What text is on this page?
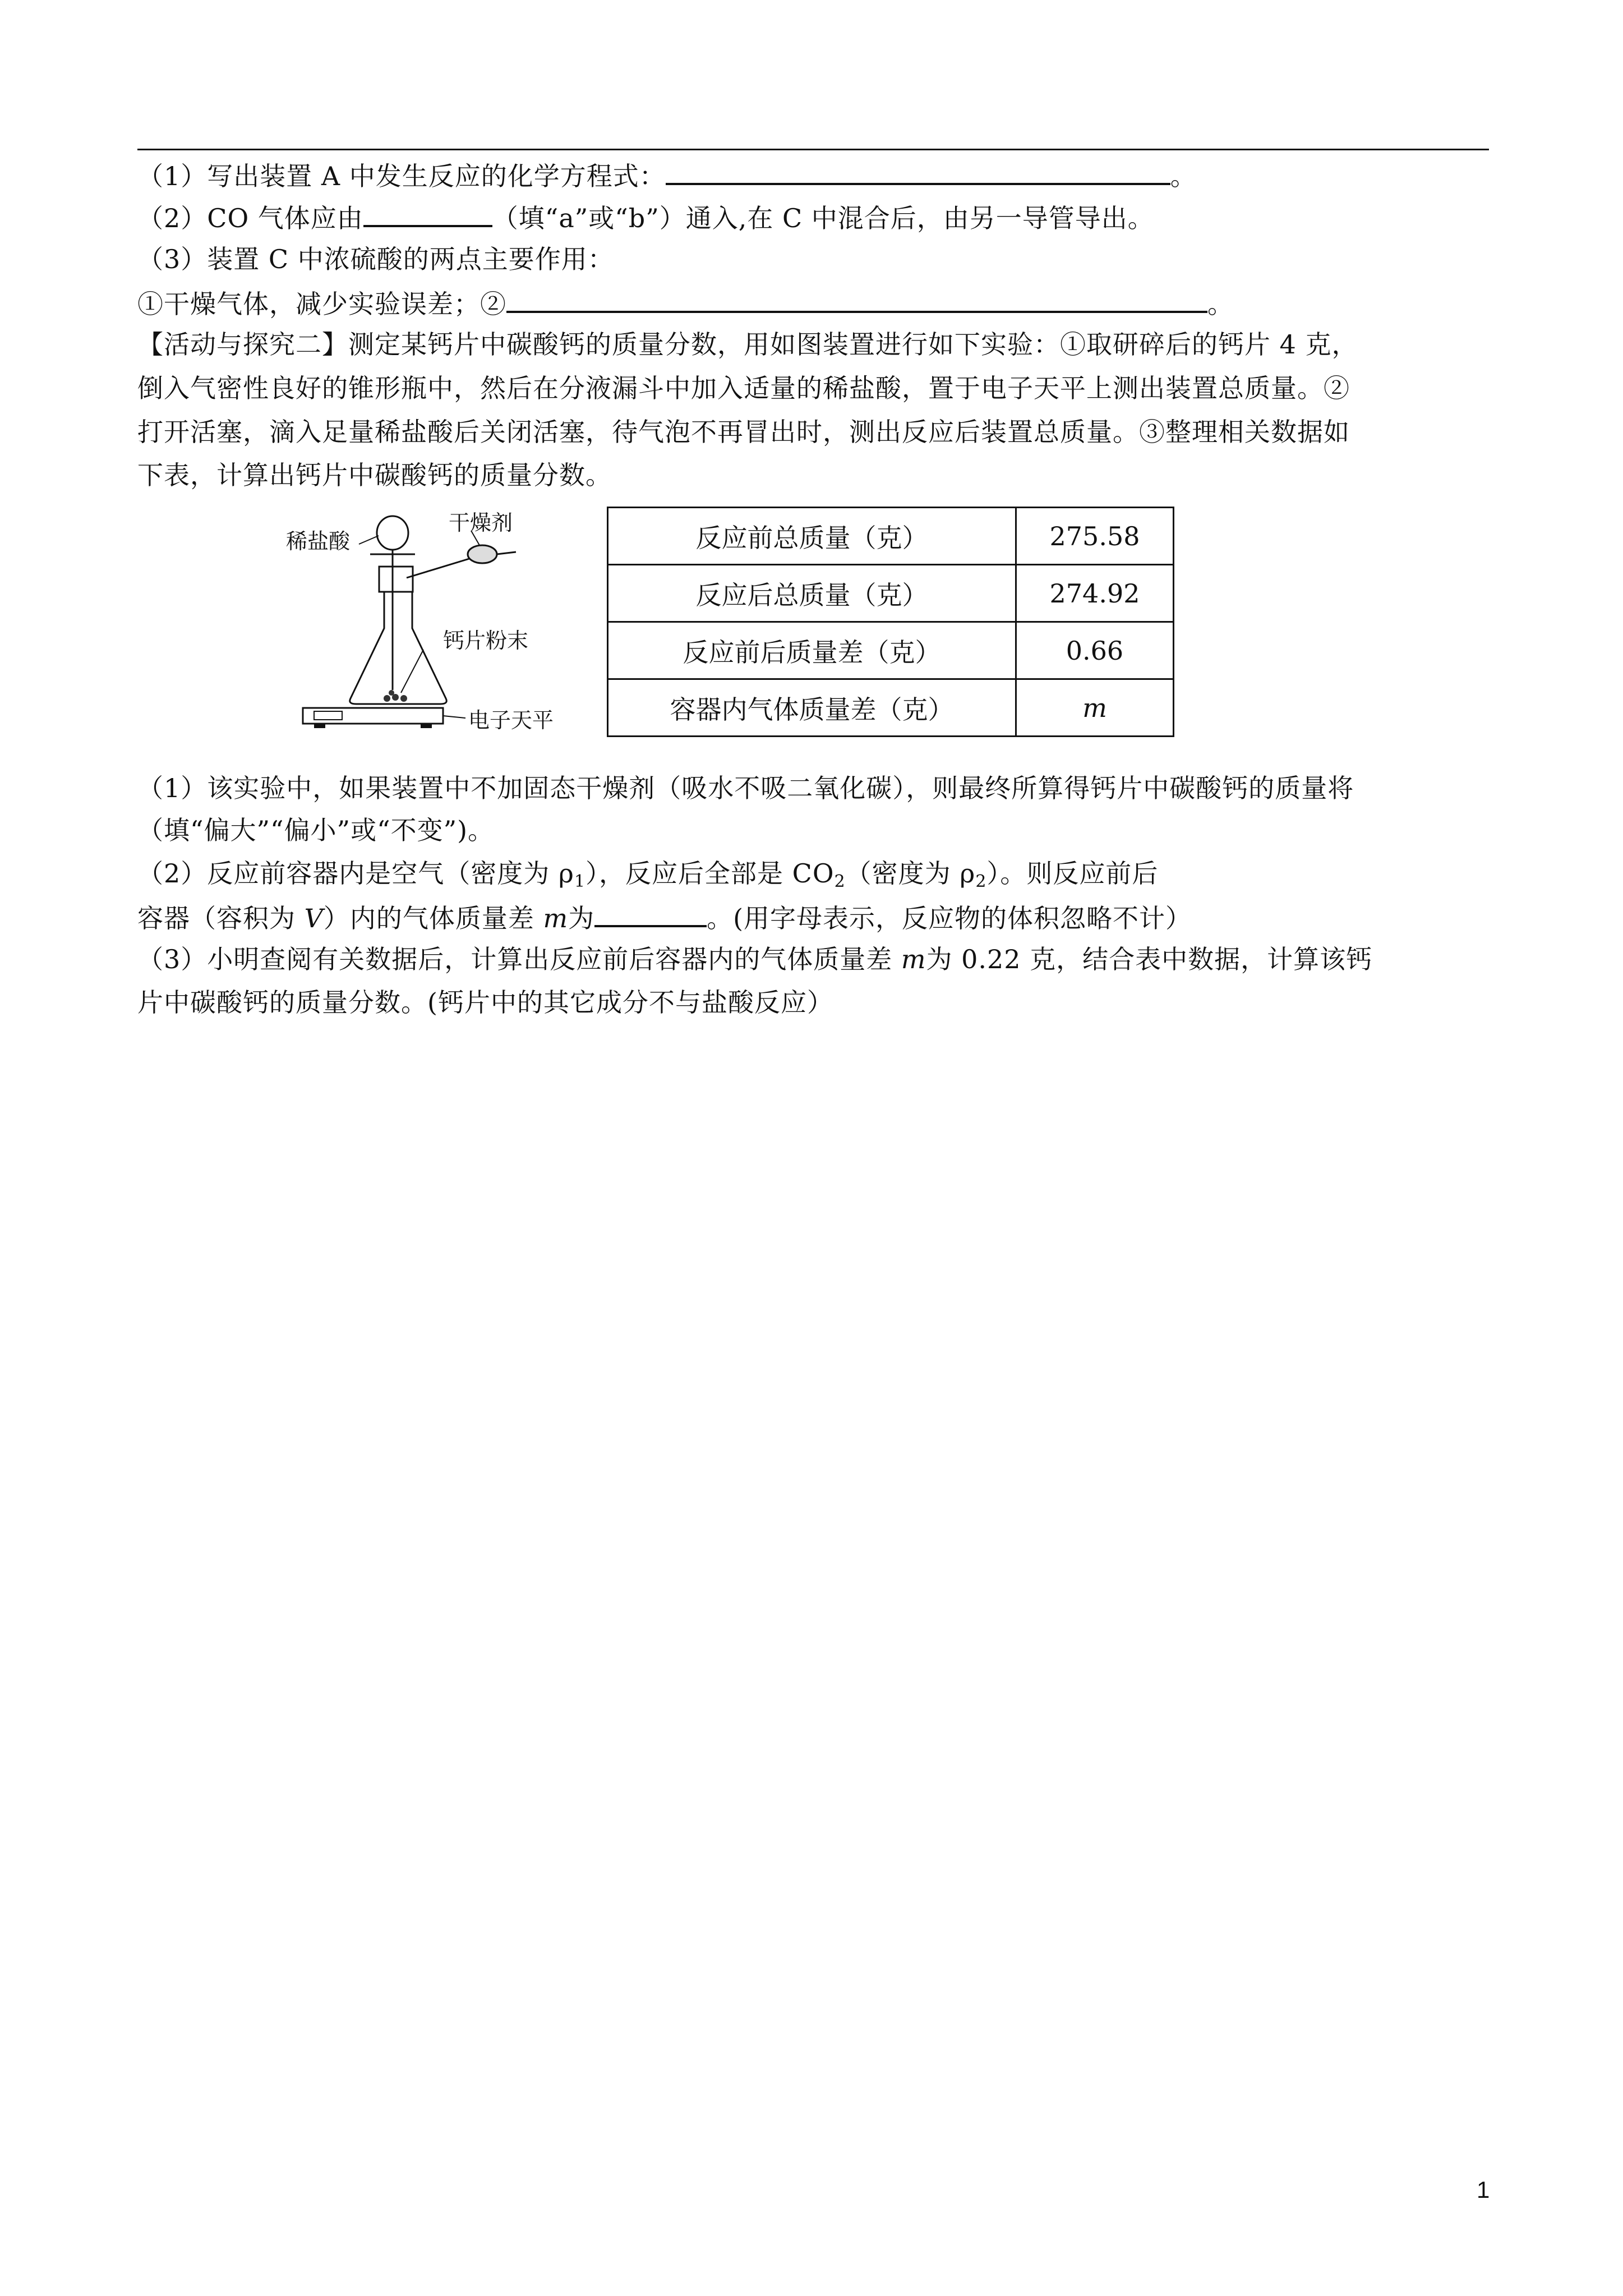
（1）写出装置 A 中发生反应的化学方程式：	。
（2）CO 气体应由	（填“a”或“b”）通入,在 C 中混合后，由另一导管导出。
（3）装置 C 中浓硫酸的两点主要作用：
①干燥气体，减少实验误差；②	。
【活动与探究二】测定某钙片中碳酸钙的质量分数，用如图装置进行如下实验：①取研碎后的钙片 4 克，
倒入气密性良好的锥形瓶中，然后在分液漏斗中加入适量的稀盐酸，置于电子天平上测出装置总质量。②
打开活塞，滴入足量稀盐酸后关闭活塞，待气泡不再冒出时，测出反应后装置总质量。③整理相关数据如
下表，计算出钙片中碳酸钙的质量分数。
稀盐酸
干燥剂
钙片粉末
电子天平
反应前总质量（克）	275.58
反应后总质量（克）	274.92
反应前后质量差（克）	0.66
容器内气体质量差（克）	m
（1）该实验中，如果装置中不加固态干燥剂（吸水不吸二氧化碳），则最终所算得钙片中碳酸钙的质量将
（填“偏大”“偏小”或“不变”)。
（2）反应前容器内是空气（密度为 $\rho_1$），反应后全部是 $CO_2$（密度为 $\rho_2$）。则反应前后
容器（容积为 V）内的气体质量差 m为	。(用字母表示，反应物的体积忽略不计）
（3）小明查阅有关数据后，计算出反应前后容器内的气体质量差 m为 0.22 克，结合表中数据，计算该钙
片中碳酸钙的质量分数。(钙片中的其它成分不与盐酸反应）
1
